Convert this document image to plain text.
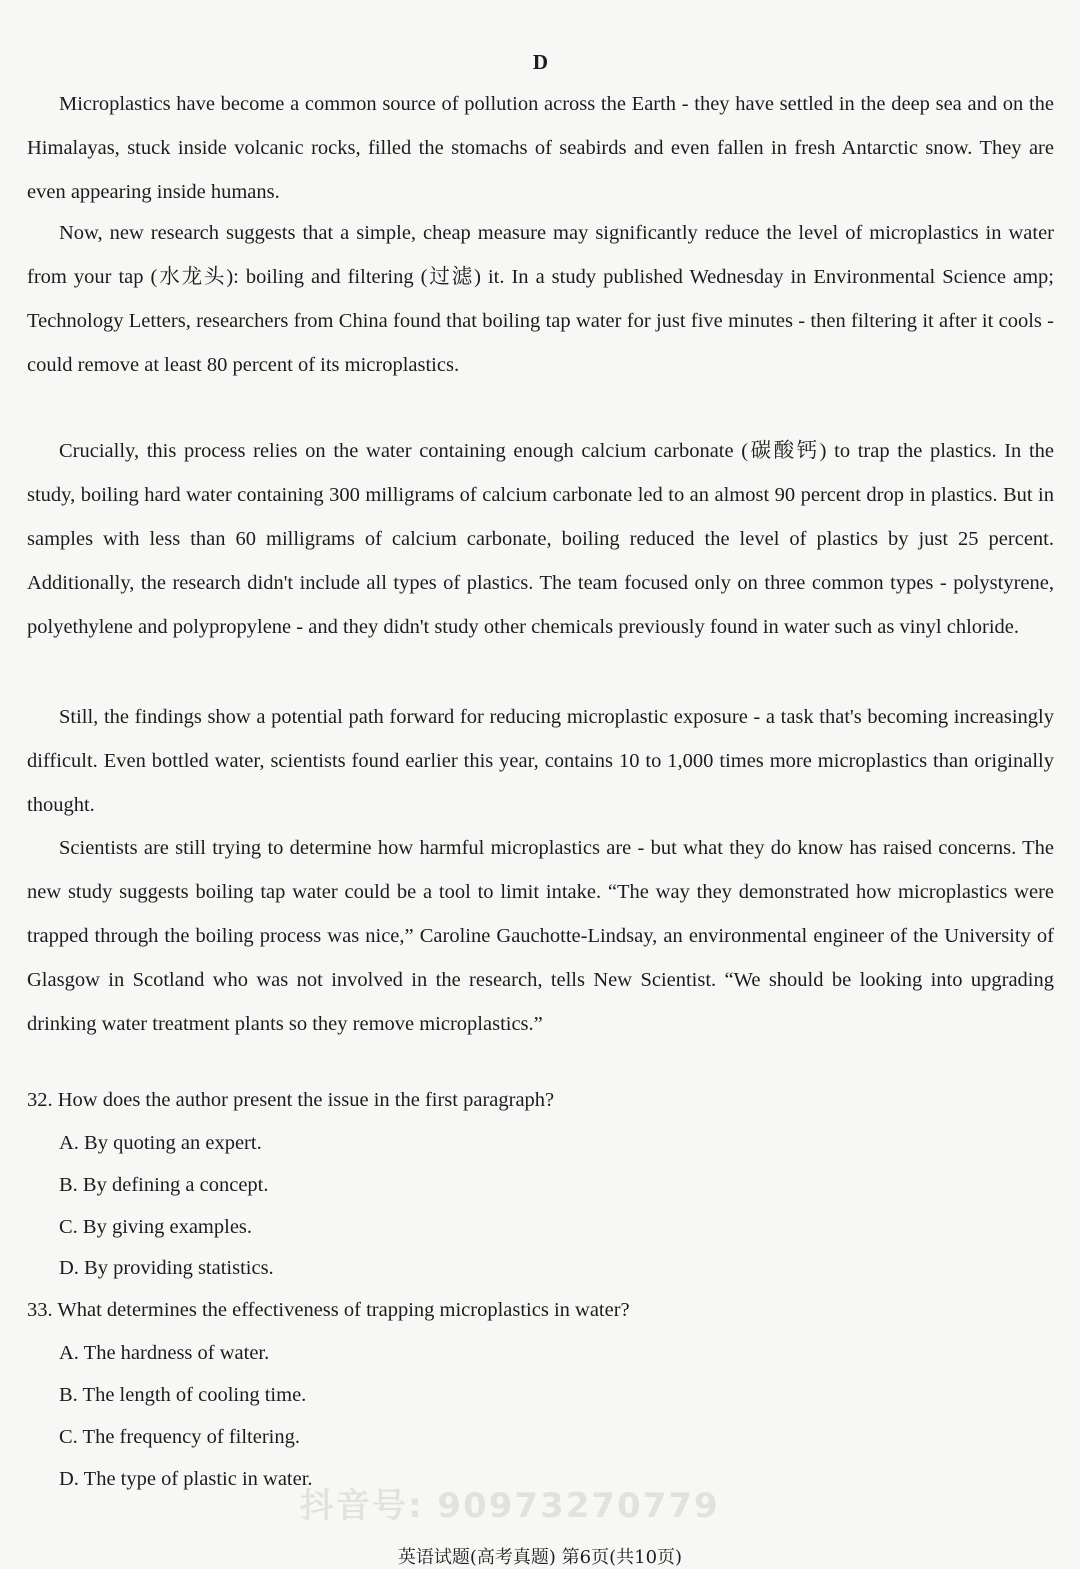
D

Microplastics have become a common source of pollution across the Earth - they have settled in the deep sea and on the Himalayas, stuck inside volcanic rocks, filled the stomachs of seabirds and even fallen in fresh Antarctic snow. They are even appearing inside humans.

Now, new research suggests that a simple, cheap measure may significantly reduce the level of microplastics in water from your tap (水龙头): boiling and filtering (过滤) it. In a study published Wednesday in Environmental Science amp; Technology Letters, researchers from China found that boiling tap water for just five minutes - then filtering it after it cools - could remove at least 80 percent of its microplastics.

Crucially, this process relies on the water containing enough calcium carbonate (碳酸钙) to trap the plastics. In the study, boiling hard water containing 300 milligrams of calcium carbonate led to an almost 90 percent drop in plastics. But in samples with less than 60 milligrams of calcium carbonate, boiling reduced the level of plastics by just 25 percent. Additionally, the research didn't include all types of plastics. The team focused only on three common types - polystyrene, polyethylene and polypropylene - and they didn't study other chemicals previously found in water such as vinyl chloride.

Still, the findings show a potential path forward for reducing microplastic exposure - a task that's becoming increasingly difficult. Even bottled water, scientists found earlier this year, contains 10 to 1,000 times more microplastics than originally thought.

Scientists are still trying to determine how harmful microplastics are - but what they do know has raised concerns. The new study suggests boiling tap water could be a tool to limit intake. “The way they demonstrated how microplastics were trapped through the boiling process was nice,” Caroline Gauchotte-Lindsay, an environmental engineer of the University of Glasgow in Scotland who was not involved in the research, tells New Scientist. “We should be looking into upgrading drinking water treatment plants so they remove microplastics.”

32. How does the author present the issue in the first paragraph?
A. By quoting an expert.
B. By defining a concept.
C. By giving examples.
D. By providing statistics.
33. What determines the effectiveness of trapping microplastics in water?
A. The hardness of water.
B. The length of cooling time.
C. The frequency of filtering.
D. The type of plastic in water.
抖音号: 90973270779
英语试题(高考真题) 第6页(共10页)
